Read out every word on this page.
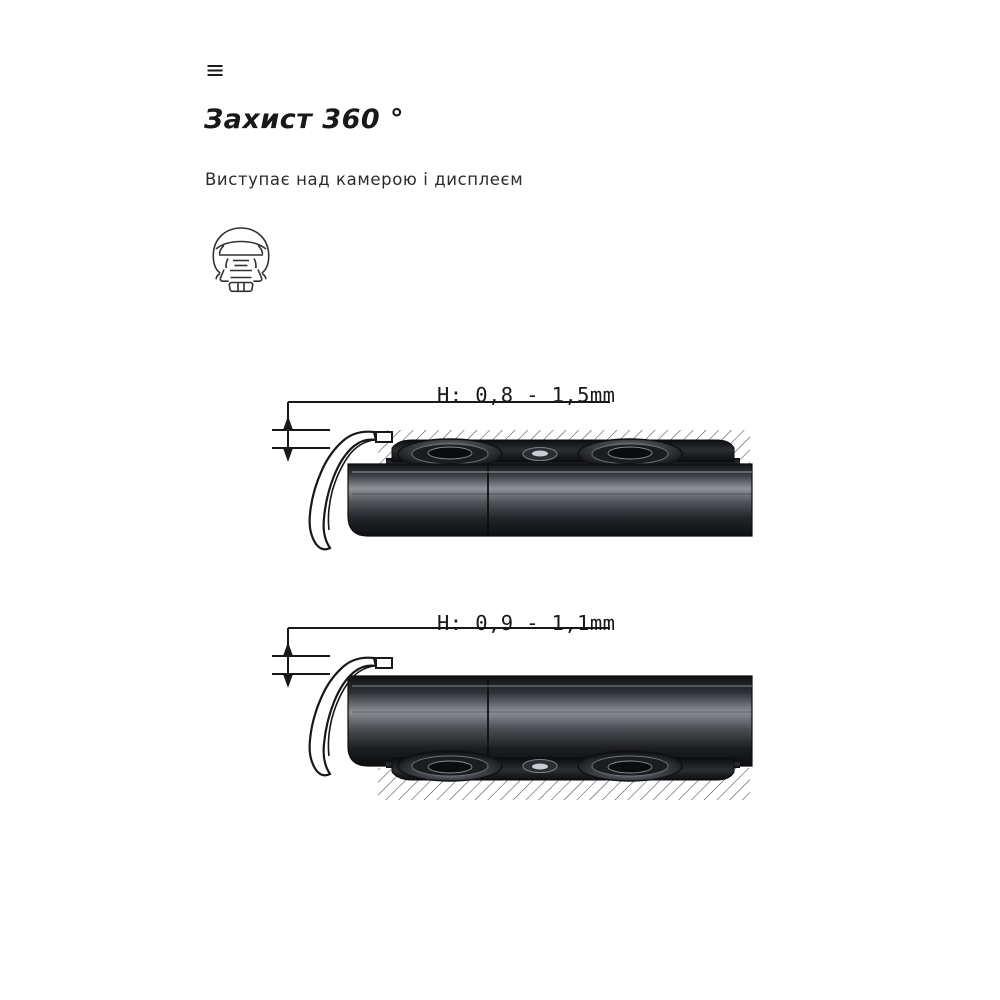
≡
Захист 360 °
Виступає над камерою і дисплеєм
H: 0,8 - 1,5mm
H: 0,9 - 1,1mm
